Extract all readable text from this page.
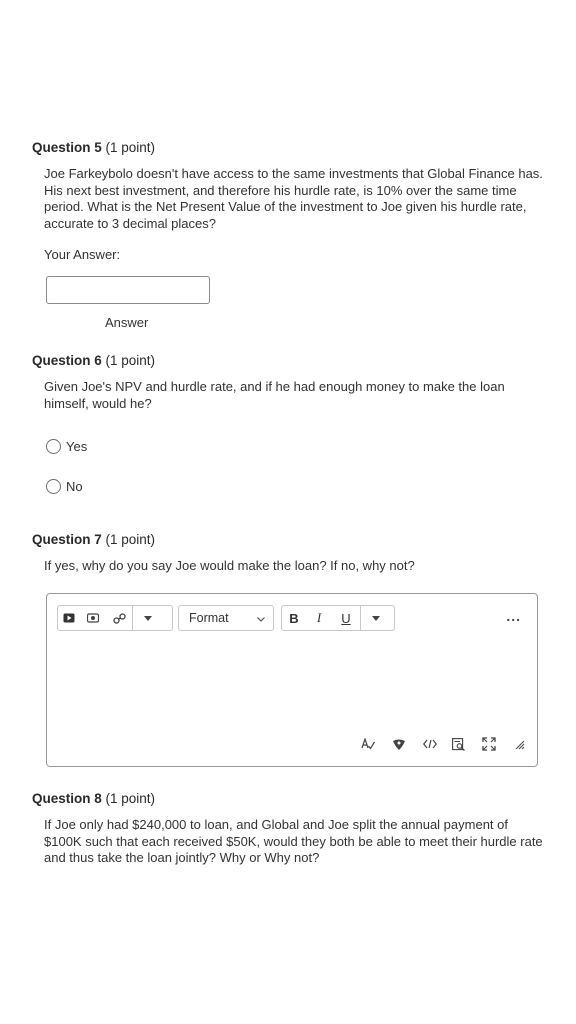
Question 5 (1 point)
Joe Farkeybolo doesn't have access to the same investments that Global Finance has. His next best investment, and therefore his hurdle rate, is 10% over the same time period. What is the Net Present Value of the investment to Joe given his hurdle rate, accurate to 3 decimal places?
Your Answer:
Answer
Question 6 (1 point)
Given Joe's NPV and hurdle rate, and if he had enough money to make the loan himself, would he?
Yes
No
Question 7 (1 point)
If yes, why do you say Joe would make the loan? If no, why not?
Format	B	I	U	...
Question 8 (1 point)
If Joe only had $240,000 to loan, and Global and Joe split the annual payment of $100K such that each received $50K, would they both be able to meet their hurdle rate and thus take the loan jointly? Why or Why not?
